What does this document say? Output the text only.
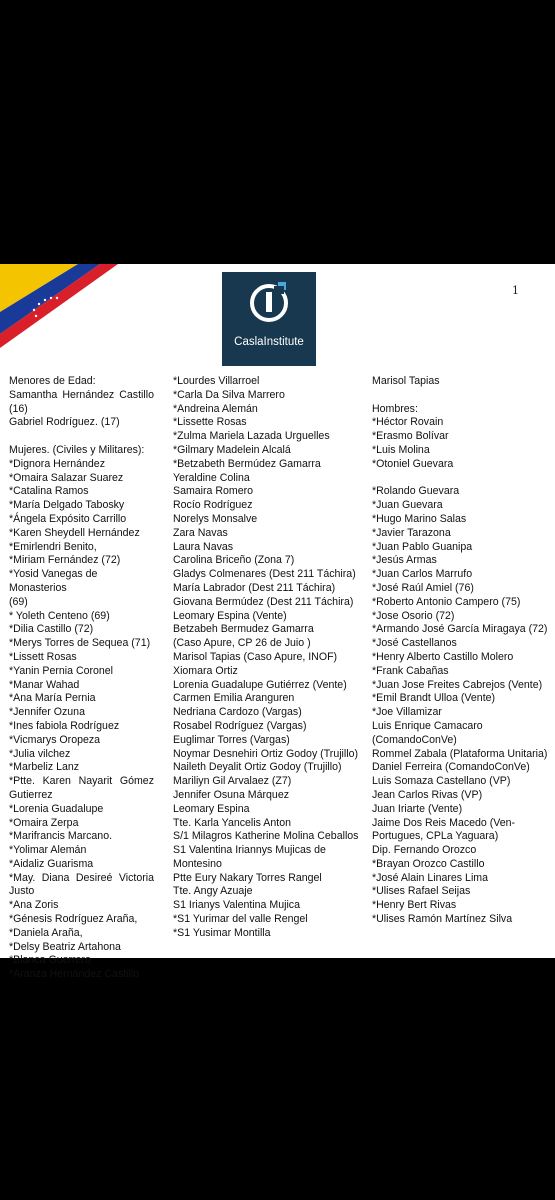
CaslaInstitute
1
Menores de Edad:
Samantha Hernández Castillo
(16)
Gabriel Rodríguez. (17)
Mujeres. (Civiles y Militares):
*Dignora Hernández
*Omaira Salazar Suarez
*Catalina Ramos
*María Delgado Tabosky
*Ángela Expósito Carrillo
*Karen Sheydell Hernández
*Emirlendri Benito,
*Miriam Fernández (72)
*Yosid Vanegas de Monasterios
(69)
* Yoleth Centeno (69)
*Dilia Castillo (72)
*Merys Torres de Sequea (71)
*Lissett Rosas
*Yanin Pernia Coronel
*Manar Wahad
*Ana María Pernia
*Jennifer Ozuna
*Ines fabiola Rodríguez
*Vicmarys Oropeza
*Julia vilchez
*Marbeliz Lanz
*Ptte. Karen Nayarit Gómez
Gutierrez
*Lorenia Guadalupe
*Omaira Zerpa
*Marifrancis Marcano.
*Yolimar Alemán
*Aidaliz Guarisma
*May. Diana Desireé Victoria
Justo
*Ana Zoris
*Génesis Rodríguez Araña,
*Daniela Araña,
*Delsy Beatriz Artahona
*Blanca Guerrero
*Aranza Hernández Castillo
*Lourdes Villarroel
*Carla Da Silva Marrero
*Andreina Alemán
*Lissette Rosas
*Zulma Mariela Lazada Urguelles
*Gilmary Madelein Alcalá
*Betzabeth Bermúdez Gamarra
Yeraldine Colina
Samaira Romero
Rocío Rodríguez
Norelys Monsalve
Zara Navas
Laura Navas
Carolina Briceño (Zona 7)
Gladys Colmenares (Dest 211 Táchira)
María Labrador (Dest 211 Táchira)
Giovana Bermúdez (Dest 211 Táchira)
Leomary Espina (Vente)
Betzabeh Bermudez Gamarra
(Caso Apure, CP 26 de Juio )
Marisol Tapias (Caso Apure, INOF)
Xiomara Ortiz
Lorenia Guadalupe Gutiérrez (Vente)
Carmen Emilia Aranguren
Nedriana Cardozo (Vargas)
Rosabel Rodríguez (Vargas)
Euglimar Torres (Vargas)
Noymar Desnehiri Ortiz Godoy (Trujillo)
Naileth Deyalit Ortiz Godoy (Trujillo)
Mariliyn Gil Arvalaez (Z7)
Jennifer Osuna Márquez
Leomary Espina
Tte. Karla Yancelis Anton
S/1 Milagros Katherine Molina Ceballos
S1 Valentina Iriannys Mujicas de
Montesino
Ptte Eury Nakary Torres Rangel
Tte. Angy Azuaje
S1 Irianys Valentina Mujica
*S1 Yurimar del valle Rengel
*S1 Yusimar Montilla
Marisol Tapias
Hombres:
*Héctor Rovain
*Erasmo Bolívar
*Luis Molina
*Otoniel Guevara
*Rolando Guevara
*Juan Guevara
*Hugo Marino Salas
*Javier Tarazona
*Juan Pablo Guanipa
*Jesús Armas
*Juan Carlos Marrufo
*José Raúl Amiel (76)
*Roberto Antonio Campero (75)
*Jose Osorio (72)
*Armando José García Miragaya (72)
*José Castellanos
*Henry Alberto Castillo Molero
*Frank Cabañas
*Juan Jose Freites Cabrejos (Vente)
*Emil Brandt Ulloa (Vente)
*Joe Villamizar
Luis Enrique Camacaro
(ComandoConVe)
Rommel Zabala (Plataforma Unitaria)
Daniel Ferreira (ComandoConVe)
Luis Somaza Castellano (VP)
Jean Carlos Rivas (VP)
Juan Iriarte (Vente)
Jaime Dos Reis Macedo (Ven-
Portugues, CPLa Yaguara)
Dip. Fernando Orozco
*Brayan Orozco Castillo
*José Alain Linares Lima
*Ulises Rafael Seijas
*Henry Bert Rivas
*Ulises Ramón Martínez Silva
